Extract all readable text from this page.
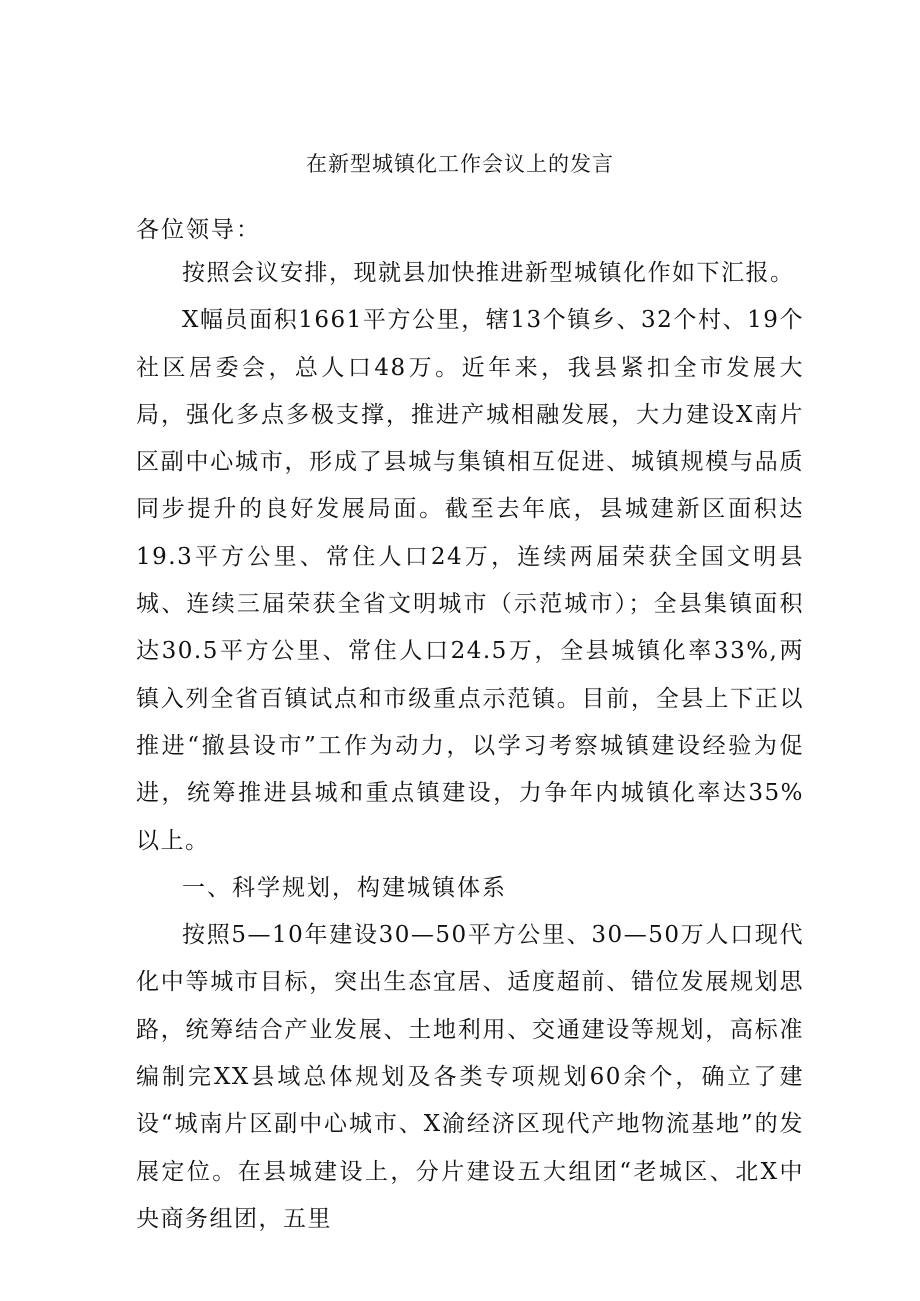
在新型城镇化工作会议上的发言
各位领导：

按照会议安排，现就县加快推进新型城镇化作如下汇报。

X幅员面积1661平方公里，辖13个镇乡、32个村、19个社区居委会，总人口48万。近年来，我县紧扣全市发展大局，强化多点多极支撑，推进产城相融发展，大力建设X南片区副中心城市，形成了县城与集镇相互促进、城镇规模与品质同步提升的良好发展局面。截至去年底，县城建新区面积达19.3平方公里、常住人口24万，连续两届荣获全国文明县城、连续三届荣获全省文明城市（示范城市）；全县集镇面积达30.5平方公里、常住人口24.5万，全县城镇化率33%,两镇入列全省百镇试点和市级重点示范镇。目前，全县上下正以推进“撤县设市”工作为动力，以学习考察城镇建设经验为促进，统筹推进县城和重点镇建设，力争年内城镇化率达35%以上。

一、科学规划，构建城镇体系

按照5—10年建设30—50平方公里、30—50万人口现代化中等城市目标，突出生态宜居、适度超前、错位发展规划思路，统筹结合产业发展、土地利用、交通建设等规划，高标准编制完XX县域总体规划及各类专项规划60余个，确立了建设“城南片区副中心城市、X渝经济区现代产地物流基地”的发展定位。在县城建设上，分片建设五大组团“老城区、北X中央商务组团，五里
